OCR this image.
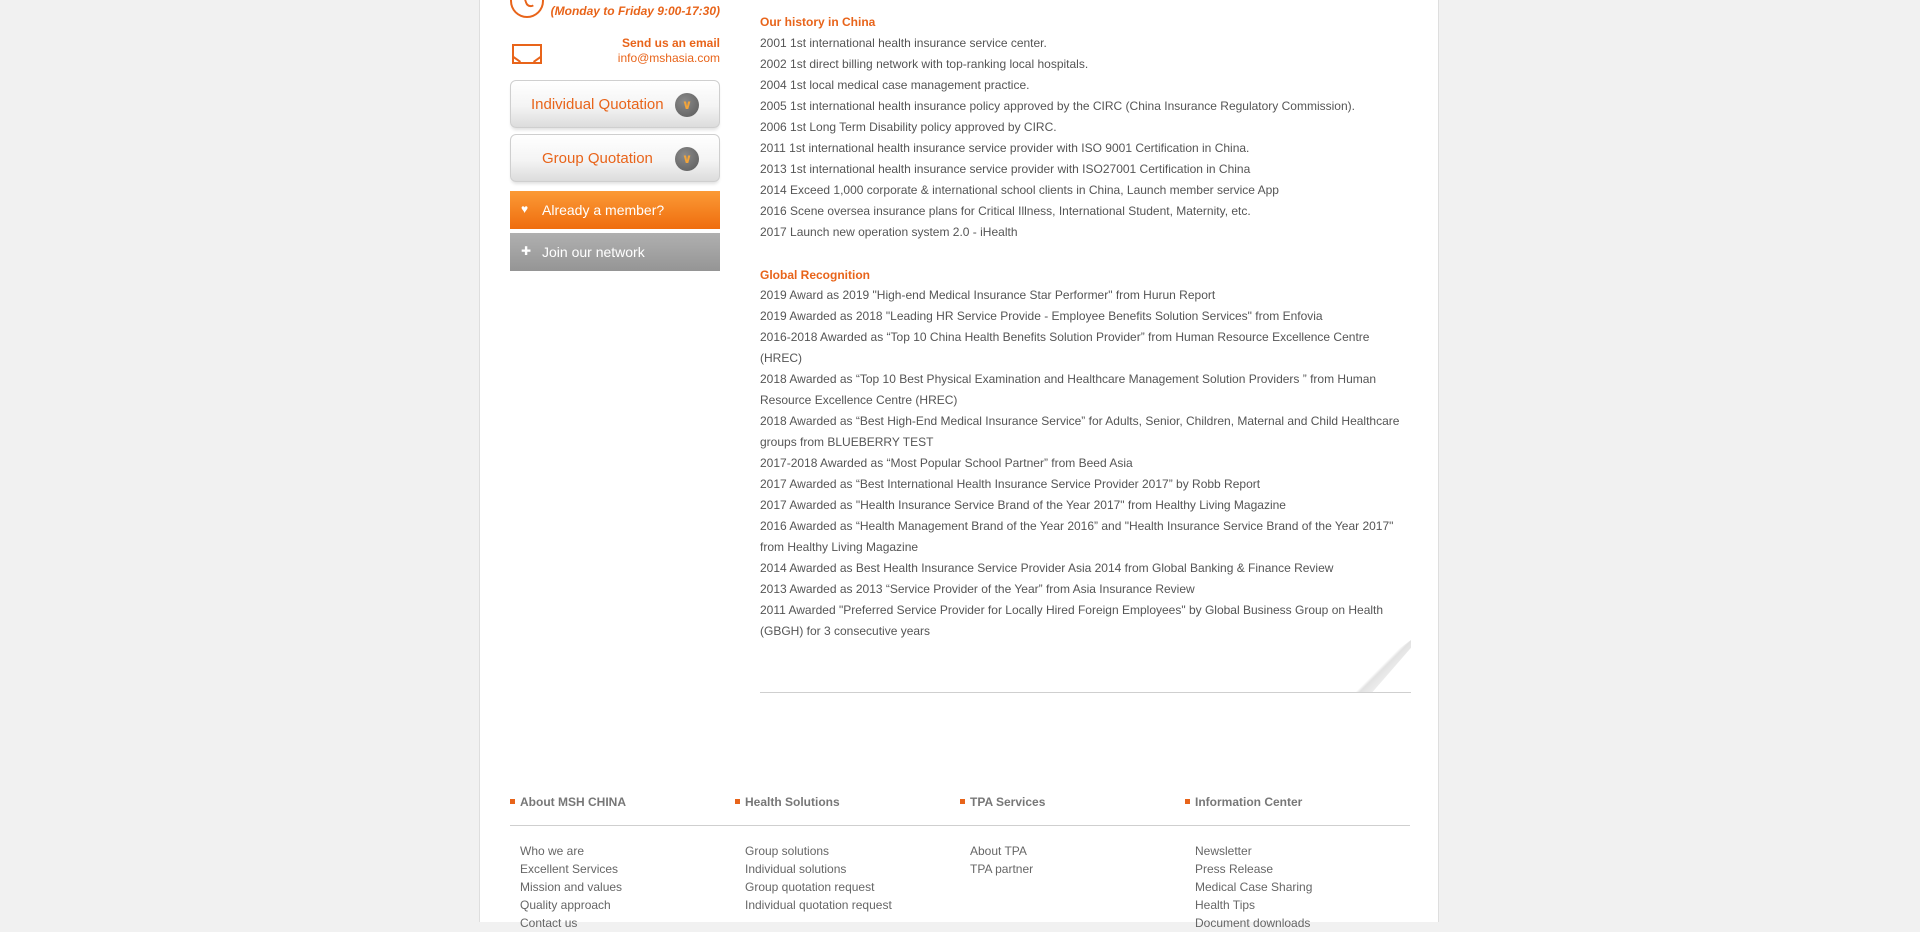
(Monday to Friday 9:00-17:30)
Send us an email
info@mshasia.com
Individual Quotation	∨
Group Quotation	∨
♥ Already a member?
✚ Join our network
Our history in China
2001 1st international health insurance service center.
2002 1st direct billing network with top-ranking local hospitals.
2004 1st local medical case management practice.
2005 1st international health insurance policy approved by the CIRC (China Insurance Regulatory Commission).
2006 1st Long Term Disability policy approved by CIRC.
2011 1st international health insurance service provider with ISO 9001 Certification in China.
2013 1st international health insurance service provider with ISO27001 Certification in China
2014 Exceed 1,000 corporate & international school clients in China, Launch member service App
2016 Scene oversea insurance plans for Critical Illness, International Student, Maternity, etc.
2017 Launch new operation system 2.0 - iHealth
Global Recognition
2019 Award as 2019 "High-end Medical Insurance Star Performer" from Hurun Report
2019 Awarded as 2018 "Leading HR Service Provide - Employee Benefits Solution Services" from Enfovia
2016-2018 Awarded as “Top 10 China Health Benefits Solution Provider” from Human Resource Excellence Centre (HREC)
2018 Awarded as “Top 10 Best Physical Examination and Healthcare Management Solution Providers ” from Human Resource Excellence Centre (HREC)
2018 Awarded as “Best High-End Medical Insurance Service” for Adults, Senior, Children, Maternal and Child Healthcare groups from BLUEBERRY TEST
2017-2018 Awarded as “Most Popular School Partner” from Beed Asia
2017 Awarded as “Best International Health Insurance Service Provider 2017” by Robb Report
2017 Awarded as "Health Insurance Service Brand of the Year 2017" from Healthy Living Magazine
2016 Awarded as “Health Management Brand of the Year 2016” and "Health Insurance Service Brand of the Year 2017" from Healthy Living Magazine
2014 Awarded as Best Health Insurance Service Provider Asia 2014 from Global Banking & Finance Review
2013 Awarded as 2013 “Service Provider of the Year” from Asia Insurance Review
2011 Awarded "Preferred Service Provider for Locally Hired Foreign Employees" by Global Business Group on Health (GBGH) for 3 consecutive years
About MSH CHINA
Who we are
Excellent Services
Mission and values
Quality approach
Contact us
Health Solutions
Group solutions
Individual solutions
Group quotation request
Individual quotation request
TPA Services
About TPA
TPA partner
Information Center
Newsletter
Press Release
Medical Case Sharing
Health Tips
Document downloads
